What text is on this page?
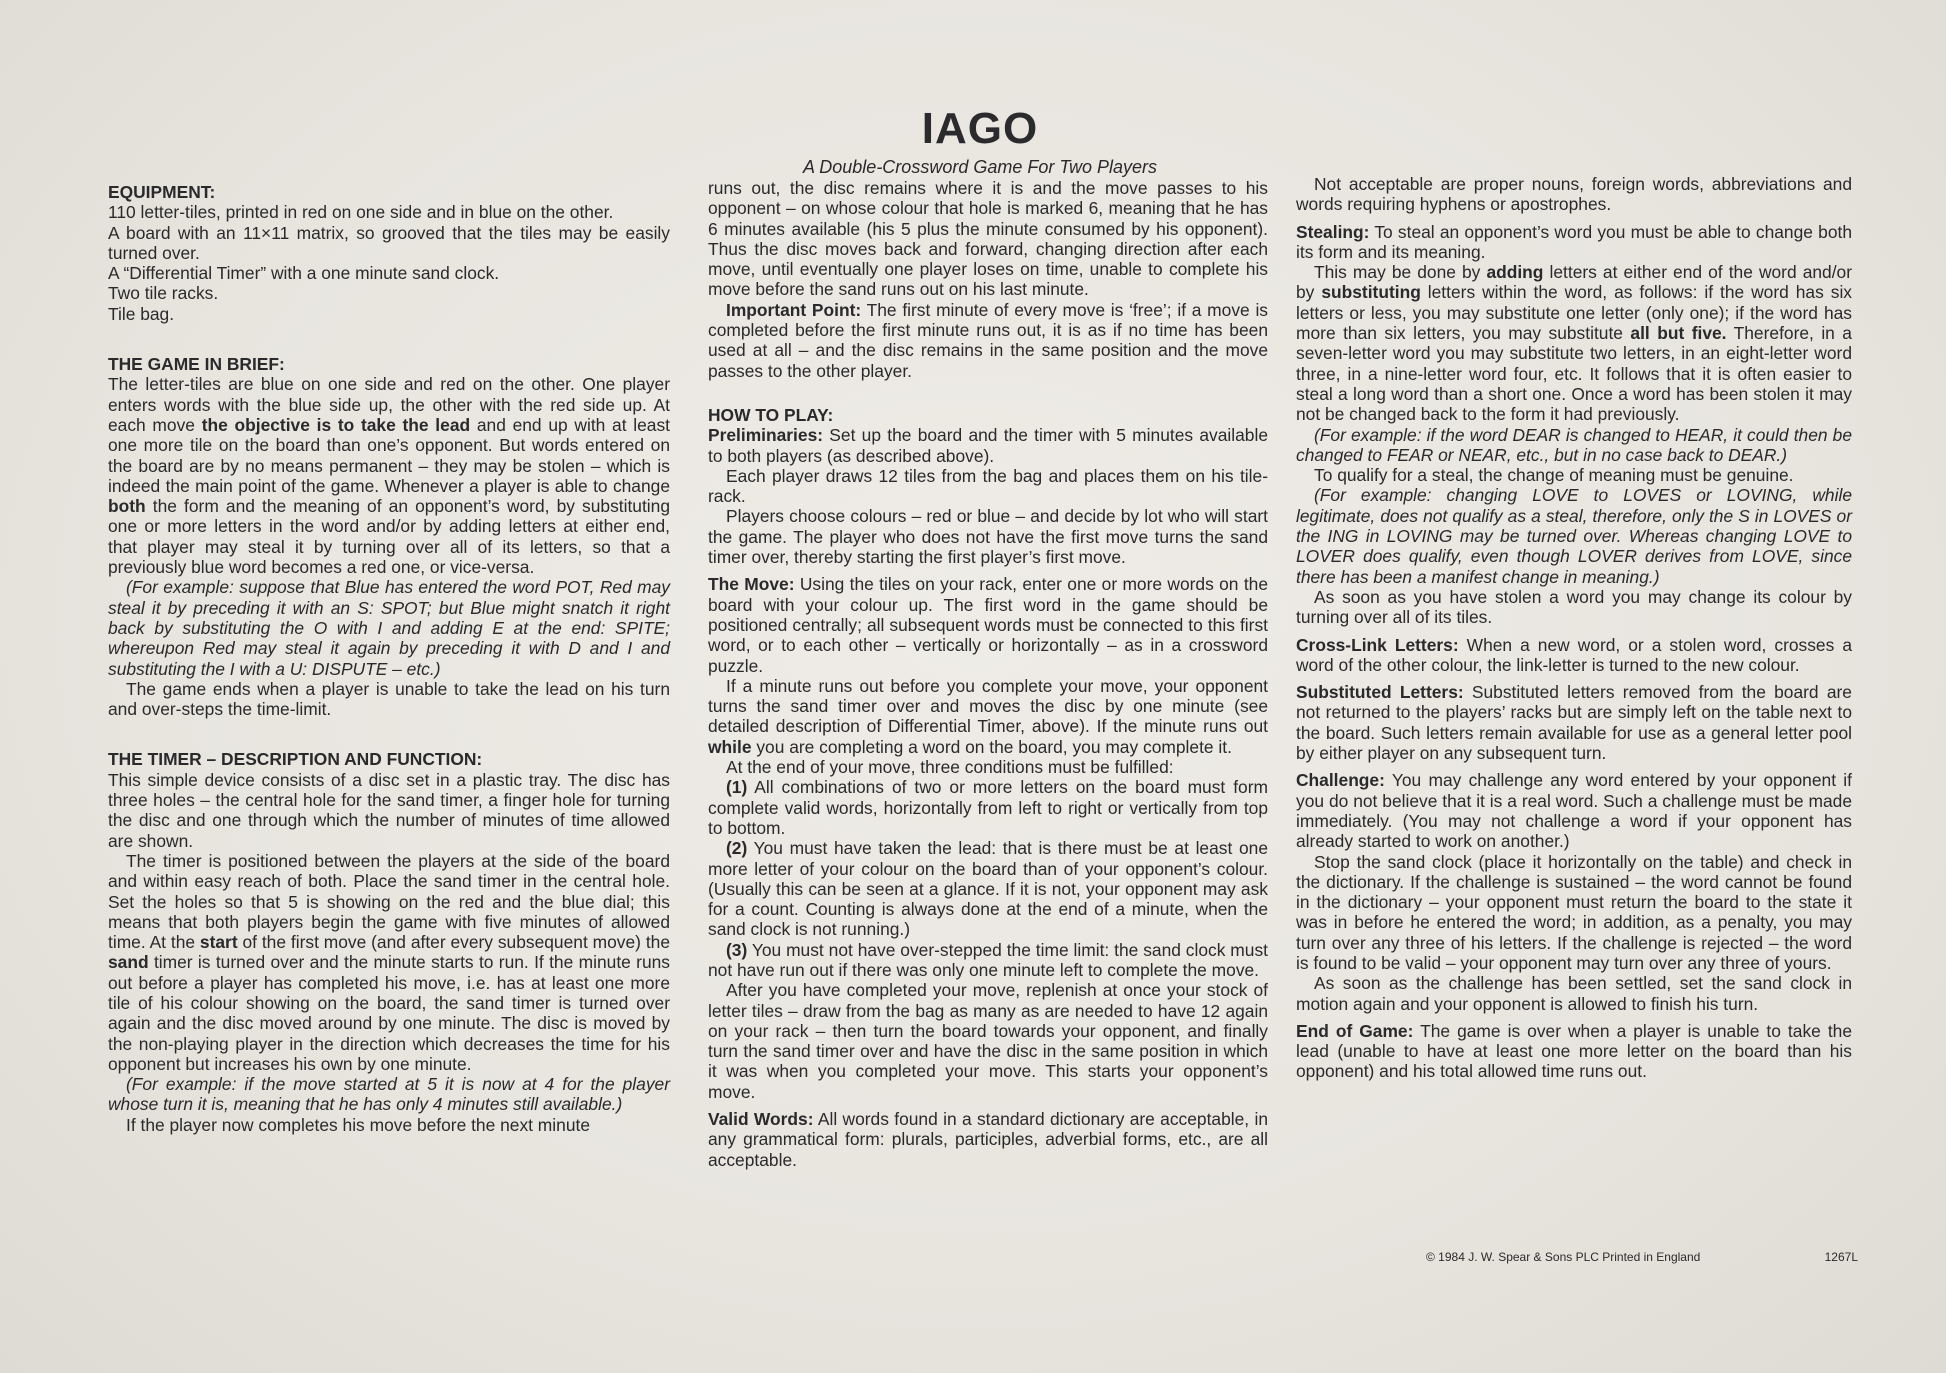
IAGO
A Double-Crossword Game For Two Players

EQUIPMENT:

110 letter-tiles, printed in red on one side and in blue on the other.

A board with an 11×11 matrix, so grooved that the tiles may be easily turned over.

A “Differential Timer” with a one minute sand clock.

Two tile racks.

Tile bag.

THE GAME IN BRIEF:

The letter-tiles are blue on one side and red on the other. One player enters words with the blue side up, the other with the red side up. At each move the objective is to take the lead and end up with at least one more tile on the board than one’s opponent. But words entered on the board are by no means permanent – they may be stolen – which is indeed the main point of the game. Whenever a player is able to change both the form and the meaning of an opponent’s word, by substituting one or more letters in the word and/or by adding letters at either end, that player may steal it by turning over all of its letters, so that a previously blue word becomes a red one, or vice-versa.

(For example: suppose that Blue has entered the word POT, Red may steal it by preceding it with an S: SPOT; but Blue might snatch it right back by substituting the O with I and adding E at the end: SPITE; whereupon Red may steal it again by preceding it with D and I and substituting the I with a U: DISPUTE – etc.)

The game ends when a player is unable to take the lead on his turn and over-steps the time-limit.

THE TIMER – DESCRIPTION AND FUNCTION:

This simple device consists of a disc set in a plastic tray. The disc has three holes – the central hole for the sand timer, a finger hole for turning the disc and one through which the number of minutes of time allowed are shown.

The timer is positioned between the players at the side of the board and within easy reach of both. Place the sand timer in the central hole. Set the holes so that 5 is showing on the red and the blue dial; this means that both players begin the game with five minutes of allowed time. At the start of the first move (and after every subsequent move) the sand timer is turned over and the minute starts to run. If the minute runs out before a player has completed his move, i.e. has at least one more tile of his colour showing on the board, the sand timer is turned over again and the disc moved around by one minute. The disc is moved by the non-playing player in the direction which decreases the time for his opponent but increases his own by one minute.

(For example: if the move started at 5 it is now at 4 for the player whose turn it is, meaning that he has only 4 minutes still available.)

If the player now completes his move before the next minute

runs out, the disc remains where it is and the move passes to his opponent – on whose colour that hole is marked 6, meaning that he has 6 minutes available (his 5 plus the minute consumed by his opponent). Thus the disc moves back and forward, changing direction after each move, until eventually one player loses on time, unable to complete his move before the sand runs out on his last minute.

Important Point: The first minute of every move is ‘free’; if a move is completed before the first minute runs out, it is as if no time has been used at all – and the disc remains in the same position and the move passes to the other player.

HOW TO PLAY:

Preliminaries: Set up the board and the timer with 5 minutes available to both players (as described above).

Each player draws 12 tiles from the bag and places them on his tile-rack.

Players choose colours – red or blue – and decide by lot who will start the game. The player who does not have the first move turns the sand timer over, thereby starting the first player’s first move.

The Move: Using the tiles on your rack, enter one or more words on the board with your colour up. The first word in the game should be positioned centrally; all subsequent words must be connected to this first word, or to each other – vertically or horizontally – as in a crossword puzzle.

If a minute runs out before you complete your move, your opponent turns the sand timer over and moves the disc by one minute (see detailed description of Differential Timer, above). If the minute runs out while you are completing a word on the board, you may complete it.

At the end of your move, three conditions must be fulfilled:

(1) All combinations of two or more letters on the board must form complete valid words, horizontally from left to right or vertically from top to bottom.

(2) You must have taken the lead: that is there must be at least one more letter of your colour on the board than of your opponent’s colour. (Usually this can be seen at a glance. If it is not, your opponent may ask for a count. Counting is always done at the end of a minute, when the sand clock is not running.)

(3) You must not have over-stepped the time limit: the sand clock must not have run out if there was only one minute left to complete the move.

After you have completed your move, replenish at once your stock of letter tiles – draw from the bag as many as are needed to have 12 again on your rack – then turn the board towards your opponent, and finally turn the sand timer over and have the disc in the same position in which it was when you completed your move. This starts your opponent’s move.

Valid Words: All words found in a standard dictionary are acceptable, in any grammatical form: plurals, participles, adverbial forms, etc., are all acceptable.

Not acceptable are proper nouns, foreign words, abbreviations and words requiring hyphens or apostrophes.

Stealing: To steal an opponent’s word you must be able to change both its form and its meaning.

This may be done by adding letters at either end of the word and/or by substituting letters within the word, as follows: if the word has six letters or less, you may substitute one letter (only one); if the word has more than six letters, you may substitute all but five. Therefore, in a seven-letter word you may substitute two letters, in an eight-letter word three, in a nine-letter word four, etc. It follows that it is often easier to steal a long word than a short one. Once a word has been stolen it may not be changed back to the form it had previously.

(For example: if the word DEAR is changed to HEAR, it could then be changed to FEAR or NEAR, etc., but in no case back to DEAR.)

To qualify for a steal, the change of meaning must be genuine.

(For example: changing LOVE to LOVES or LOVING, while legitimate, does not qualify as a steal, therefore, only the S in LOVES or the ING in LOVING may be turned over. Whereas changing LOVE to LOVER does qualify, even though LOVER derives from LOVE, since there has been a manifest change in meaning.)

As soon as you have stolen a word you may change its colour by turning over all of its tiles.

Cross-Link Letters: When a new word, or a stolen word, crosses a word of the other colour, the link-letter is turned to the new colour.

Substituted Letters: Substituted letters removed from the board are not returned to the players’ racks but are simply left on the table next to the board. Such letters remain available for use as a general letter pool by either player on any subsequent turn.

Challenge: You may challenge any word entered by your opponent if you do not believe that it is a real word. Such a challenge must be made immediately. (You may not challenge a word if your opponent has already started to work on another.)

Stop the sand clock (place it horizontally on the table) and check in the dictionary. If the challenge is sustained – the word cannot be found in the dictionary – your opponent must return the board to the state it was in before he entered the word; in addition, as a penalty, you may turn over any three of his letters. If the challenge is rejected – the word is found to be valid – your opponent may turn over any three of yours.

As soon as the challenge has been settled, set the sand clock in motion again and your opponent is allowed to finish his turn.

End of Game: The game is over when a player is unable to take the lead (unable to have at least one more letter on the board than his opponent) and his total allowed time runs out.

© 1984 J. W. Spear & Sons PLC Printed in England	1267L
